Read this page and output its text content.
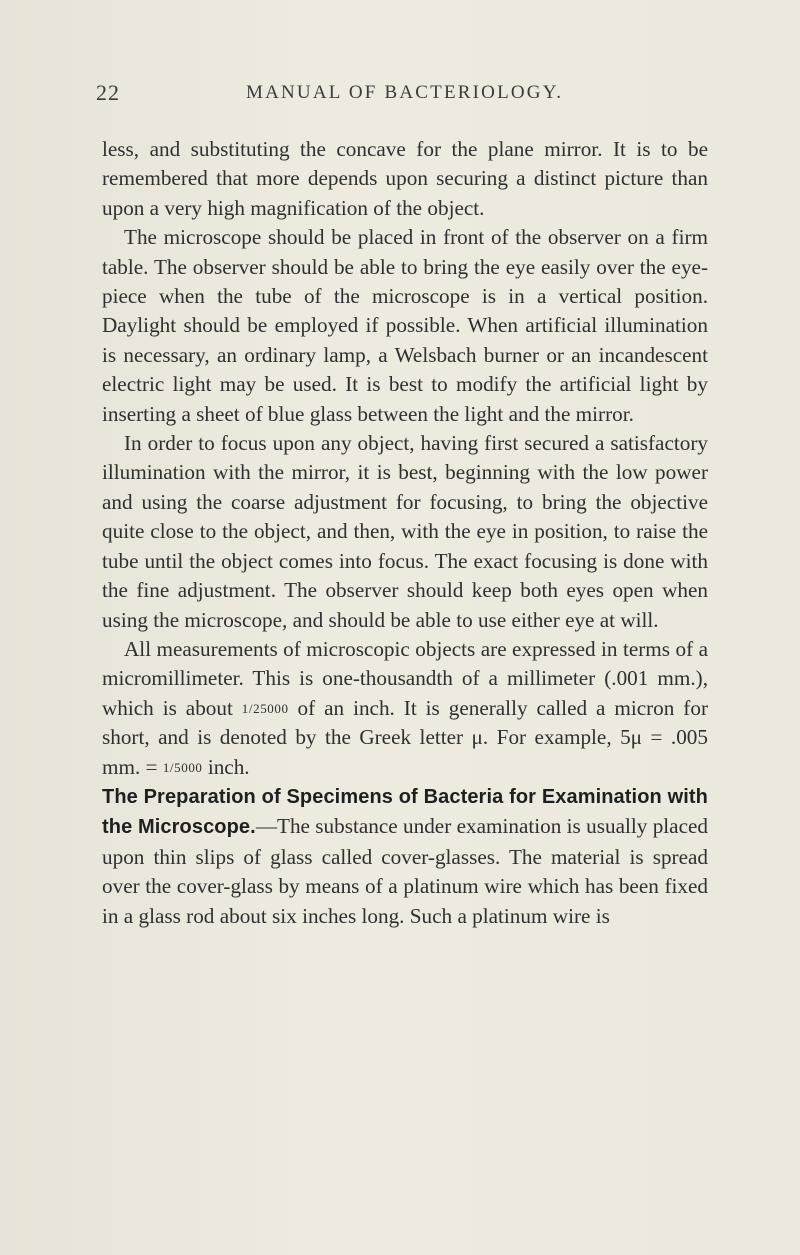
22	MANUAL OF BACTERIOLOGY.

less, and substituting the concave for the plane mirror. It is to be remembered that more depends upon securing a distinct picture than upon a very high magnification of the object.

The microscope should be placed in front of the observer on a firm table. The observer should be able to bring the eye easily over the eye-piece when the tube of the microscope is in a vertical position. Daylight should be employed if possible. When artificial illumination is necessary, an ordinary lamp, a Welsbach burner or an incandescent electric light may be used. It is best to modify the artificial light by inserting a sheet of blue glass between the light and the mirror.

In order to focus upon any object, having first secured a satisfactory illumination with the mirror, it is best, beginning with the low power and using the coarse adjustment for focusing, to bring the objective quite close to the object, and then, with the eye in position, to raise the tube until the object comes into focus. The exact focusing is done with the fine adjustment. The observer should keep both eyes open when using the microscope, and should be able to use either eye at will.

All measurements of microscopic objects are expressed in terms of a micromillimeter. This is one-thousandth of a millimeter (.001 mm.), which is about 1/25000 of an inch. It is generally called a micron for short, and is denoted by the Greek letter μ. For example, 5μ = .005 mm. = 1/5000 inch.

The Preparation of Specimens of Bacteria for Examination with the Microscope.—The substance under examination is usually placed upon thin slips of glass called cover-glasses. The material is spread over the cover-glass by means of a platinum wire which has been fixed in a glass rod about six inches long. Such a platinum wire is
